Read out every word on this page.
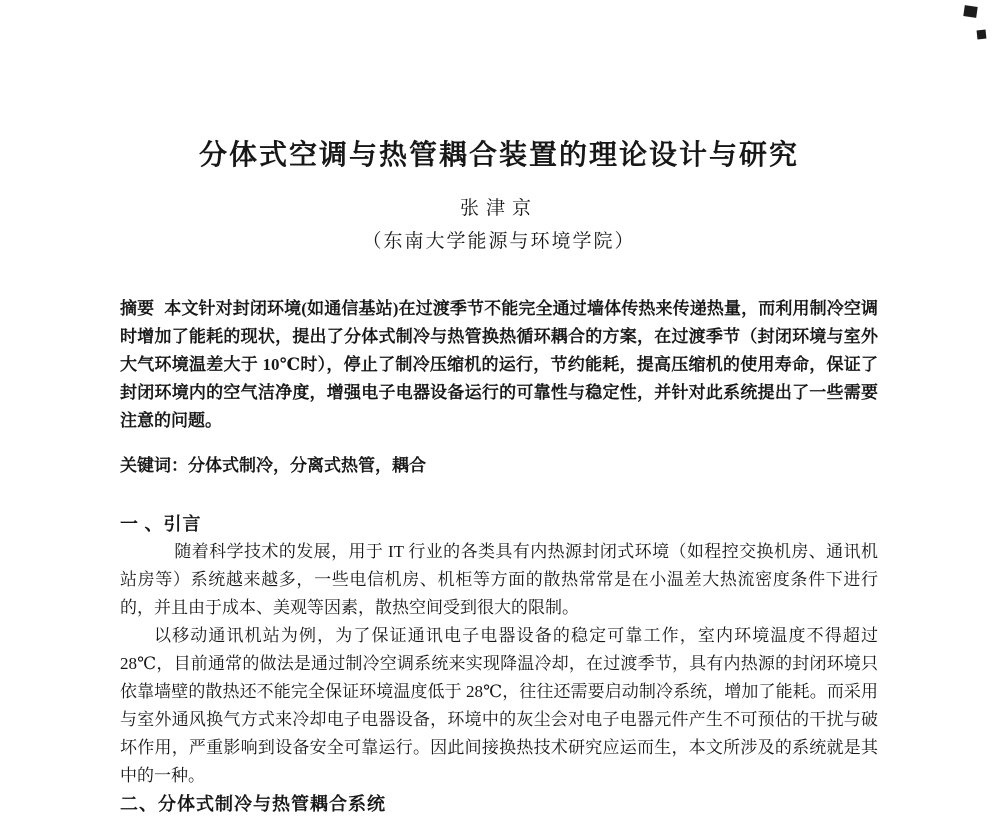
分体式空调与热管耦合装置的理论设计与研究
张津京
（东南大学能源与环境学院）

摘要 本文针对封闭环境(如通信基站)在过渡季节不能完全通过墙体传热来传递热量，而利用制冷空调时增加了能耗的现状，提出了分体式制冷与热管换热循环耦合的方案，在过渡季节（封闭环境与室外大气环境温差大于 10℃时），停止了制冷压缩机的运行，节约能耗，提高压缩机的使用寿命，保证了封闭环境内的空气洁净度，增强电子电器设备运行的可靠性与稳定性，并针对此系统提出了一些需要注意的问题。

关键词：分体式制冷，分离式热管，耦合
一 、引言

随着科学技术的发展，用于 IT 行业的各类具有内热源封闭式环境（如程控交换机房、通讯机站房等）系统越来越多，一些电信机房、机柜等方面的散热常常是在小温差大热流密度条件下进行的，并且由于成本、美观等因素，散热空间受到很大的限制。

以移动通讯机站为例，为了保证通讯电子电器设备的稳定可靠工作，室内环境温度不得超过 28℃，目前通常的做法是通过制冷空调系统来实现降温冷却，在过渡季节，具有内热源的封闭环境只依靠墙壁的散热还不能完全保证环境温度低于 28℃，往往还需要启动制冷系统，增加了能耗。而采用与室外通风换气方式来冷却电子电器设备，环境中的灰尘会对电子电器元件产生不可预估的干扰与破坏作用，严重影响到设备安全可靠运行。因此间接换热技术研究应运而生，本文所涉及的系统就是其中的一种。

二、分体式制冷与热管耦合系统
